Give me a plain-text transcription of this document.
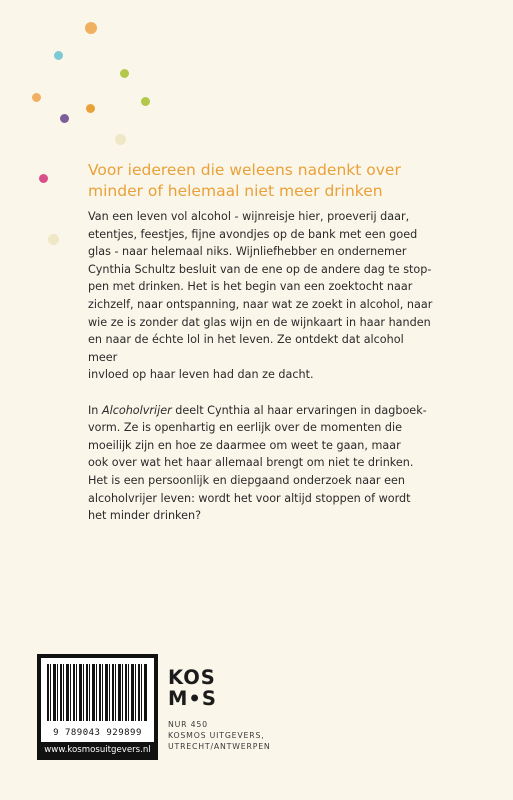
Voor iedereen die weleens nadenkt over
minder of helemaal niet meer drinken

Van een leven vol alcohol - wijnreisje hier, proeverij daar,
etentjes, feestjes, fijne avondjes op de bank met een goed
glas - naar helemaal niks. Wijnliefhebber en ondernemer
Cynthia Schultz besluit van de ene op de andere dag te stop-
pen met drinken. Het is het begin van een zoektocht naar
zichzelf, naar ontspanning, naar wat ze zoekt in alcohol, naar
wie ze is zonder dat glas wijn en de wijnkaart in haar handen
en naar de échte lol in het leven. Ze ontdekt dat alcohol meer
invloed op haar leven had dan ze dacht.

In Alcoholvrijer deelt Cynthia al haar ervaringen in dagboek-
vorm. Ze is openhartig en eerlijk over de momenten die
moeilijk zijn en hoe ze daarmee om weet te gaan, maar
ook over wat het haar allemaal brengt om niet te drinken.
Het is een persoonlijk en diepgaand onderzoek naar een
alcoholvrijer leven: wordt het voor altijd stoppen of wordt
het minder drinken?

9 789043 929899
www.kosmosuitgevers.nl
KOS
M•S
NUR 450
KOSMOS UITGEVERS,
UTRECHT/ANTWERPEN
